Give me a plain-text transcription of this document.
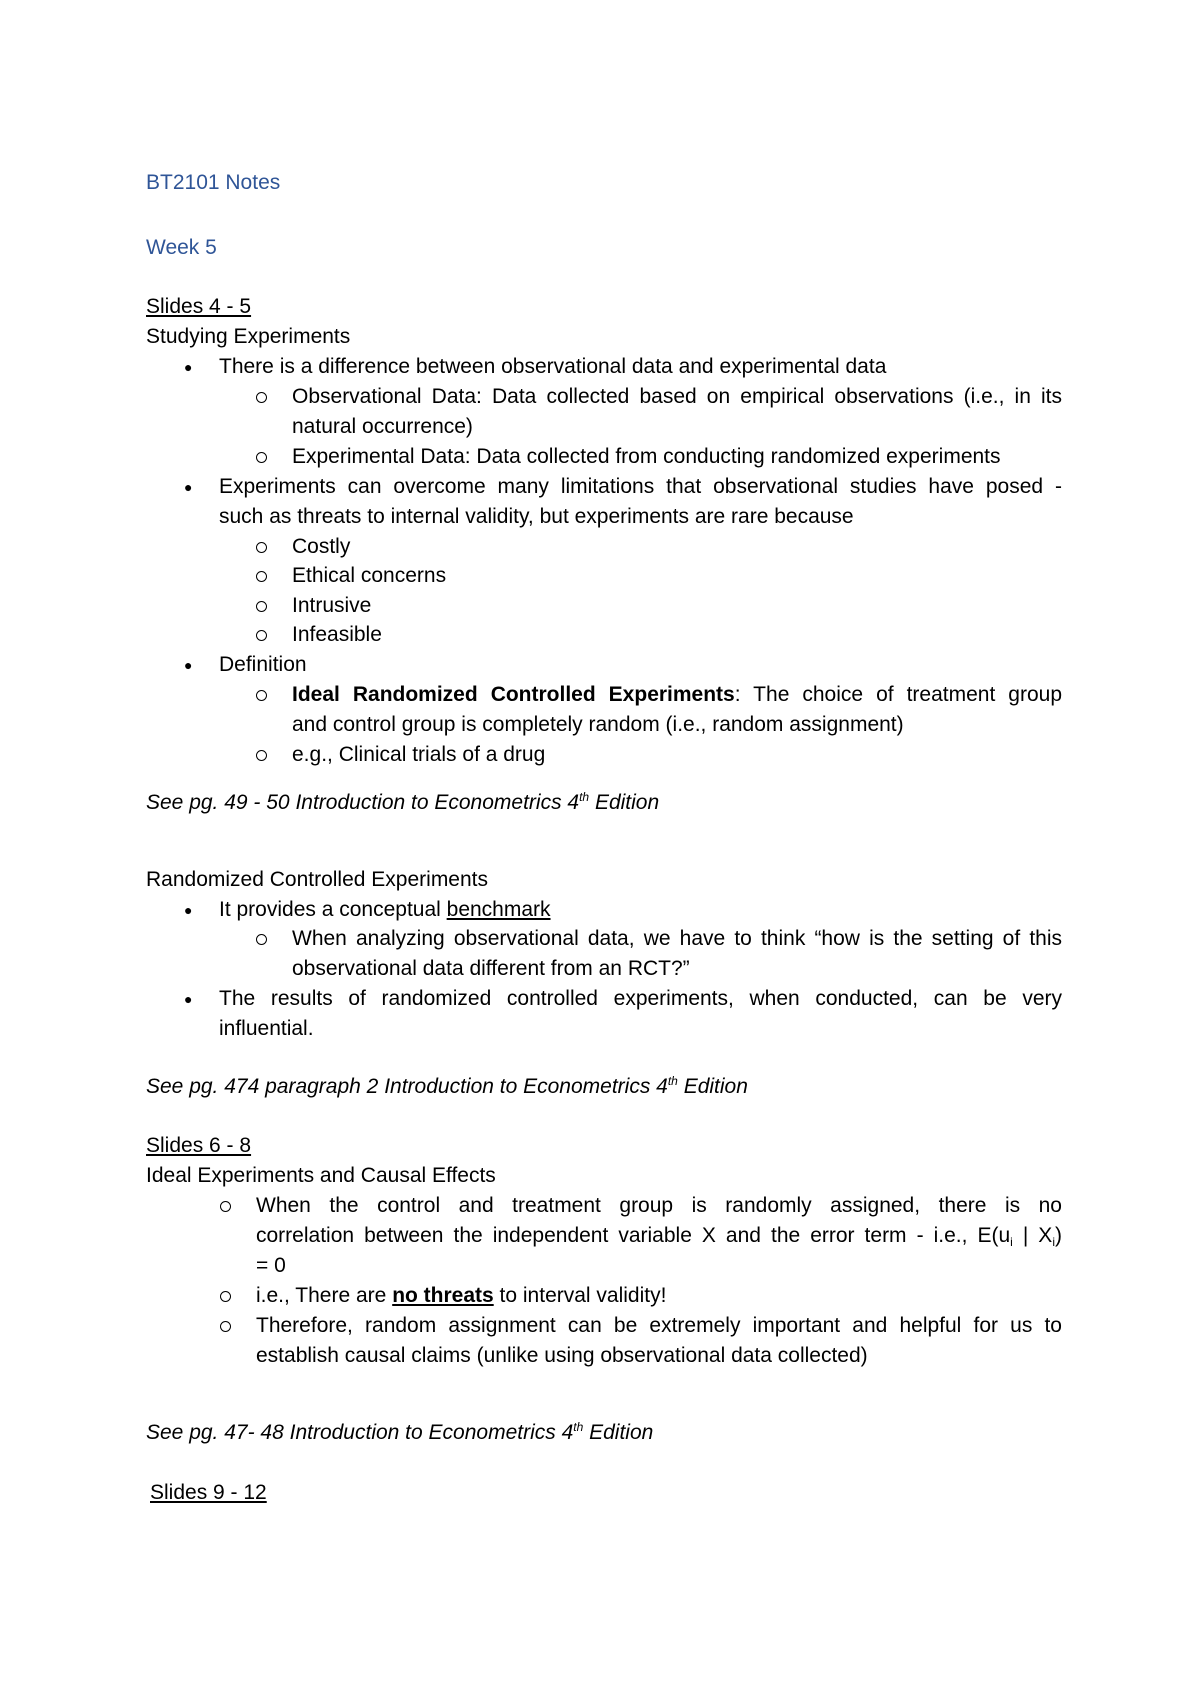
BT2101 Notes
Week 5
Slides 4 - 5
Studying Experiments
● There is a difference between observational data and experimental data
Observational Data: Data collected based on empirical observations (i.e., in its
natural occurrence)
Experimental Data: Data collected from conducting randomized experiments
● Experiments can overcome many limitations that observational studies have posed -
such as threats to internal validity, but experiments are rare because
Costly
Ethical concerns
Intrusive
Infeasible
● Definition
Ideal Randomized Controlled Experiments: The choice of treatment group
and control group is completely random (i.e., random assignment)
e.g., Clinical trials of a drug
See pg. 49 - 50 Introduction to Econometrics 4th Edition
Randomized Controlled Experiments
● It provides a conceptual benchmark
When analyzing observational data, we have to think “how is the setting of this
observational data different from an RCT?”
● The results of randomized controlled experiments, when conducted, can be very
influential.
See pg. 474 paragraph 2 Introduction to Econometrics 4th Edition
Slides 6 - 8
Ideal Experiments and Causal Effects
When the control and treatment group is randomly assigned, there is no
correlation between the independent variable X and the error term - i.e., $E(u_i$ | $X_i$)
= 0
i.e., There are no threats to interval validity!
Therefore, random assignment can be extremely important and helpful for us to
establish causal claims (unlike using observational data collected)
See pg. 47- 48 Introduction to Econometrics 4th Edition
Slides 9 - 12
